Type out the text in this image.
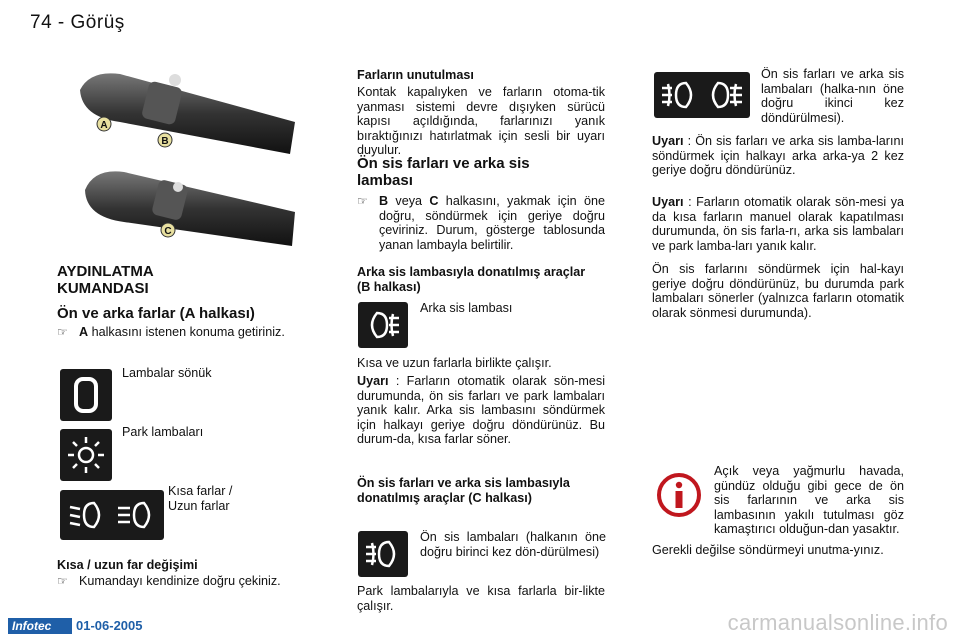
74 - Görüş
A
B
C
AYDINLATMA
KUMANDASI
Ön ve arka farlar (A halkası)
☞ A halkasını istenen konuma getiriniz.
Lambalar sönük
Park lambaları
Kısa farlar /
Uzun farlar
Kısa / uzun far değişimi
☞ Kumandayı kendinize doğru çekiniz.
Farların unutulması
Kontak kapalıyken ve farların otoma-tik yanması sistemi devre dışıyken sürücü kapısı açıldığında, farlarınızı yanık bıraktığınızı hatırlatmak için sesli bir uyarı duyulur.
Ön sis farları ve arka sis lambası
☞ B veya C halkasını, yakmak için öne doğru, söndürmek için geriye doğru çeviriniz. Durum, gösterge tablosunda yanan lambayla belirtilir.
Arka sis lambasıyla donatılmış araçlar (B halkası)
Arka sis lambası
Kısa ve uzun farlarla birlikte çalışır.
Uyarı : Farların otomatik olarak sön-mesi durumunda, ön sis farları ve park lambaları yanık kalır. Arka sis lambasını söndürmek için halkayı geriye doğru döndürünüz. Bu durum-da, kısa farlar söner.
Ön sis farları ve arka sis lambasıyla donatılmış araçlar (C halkası)
Ön sis lambaları (halkanın öne doğru birinci kez dön-dürülmesi)
Park lambalarıyla ve kısa farlarla bir-likte çalışır.
Ön sis farları ve arka sis lambaları (halka-nın öne doğru ikinci kez döndürülmesi).
Uyarı : Ön sis farları ve arka sis lamba-larını söndürmek için halkayı arka arka-ya 2 kez geriye doğru döndürünüz.
Uyarı : Farların otomatik olarak sön-mesi ya da kısa farların manuel olarak kapatılması durumunda, ön sis farla-rı, arka sis lambaları ve park lamba-ları yanık kalır.
Ön sis farlarını söndürmek için hal-kayı geriye doğru döndürünüz, bu durumda park lambaları sönerler (yalnızca farların otomatik olarak sönmesi durumunda).
Açık veya yağmurlu havada, gündüz olduğu gibi gece de ön sis farlarının ve arka sis lambasının yakılı tutulması göz kamaştırıcı olduğun-dan yasaktır.
Gerekli değilse söndürmeyi unutma-yınız.
Infotec	01-06-2005	carmanualsonline.info
